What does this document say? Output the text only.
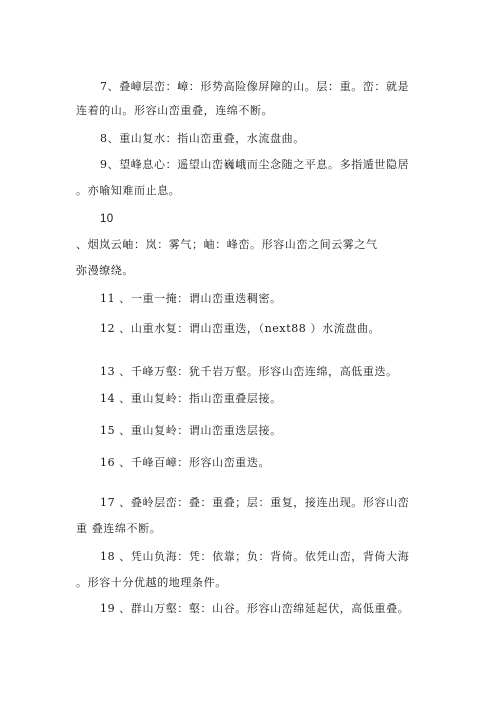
7、叠嶂层峦：嶂：形势高险像屏障的山。层：重。峦：就是
连着的山。形容山峦重叠，连绵不断。
8、重山复水：指山峦重叠，水流盘曲。
9、望峰息心：遥望山峦巍峨而尘念随之平息。多指遁世隐居
。亦喻知难而止息。
10
、烟岚云岫：岚：雾气；岫：峰峦。形容山峦之间云雾之气
弥漫缭绕。
11 、一重一掩：谓山峦重迭稠密。
12 、山重水复：谓山峦重迭，（next88 ）水流盘曲。
13 、千峰万壑：犹千岩万壑。形容山峦连绵，高低重迭。
14 、重山复岭：指山峦重叠层接。
15 、重山复岭：谓山峦重迭层接。
16 、千峰百嶂：形容山峦重迭。
17 、叠岭层峦：叠：重叠；层：重复，接连出现。形容山峦
重 叠连绵不断。
18 、凭山负海：凭：依靠；负：背倚。依凭山峦，背倚大海
。形容十分优越的地理条件。
19 、群山万壑：壑：山谷。形容山峦绵延起伏，高低重叠。
